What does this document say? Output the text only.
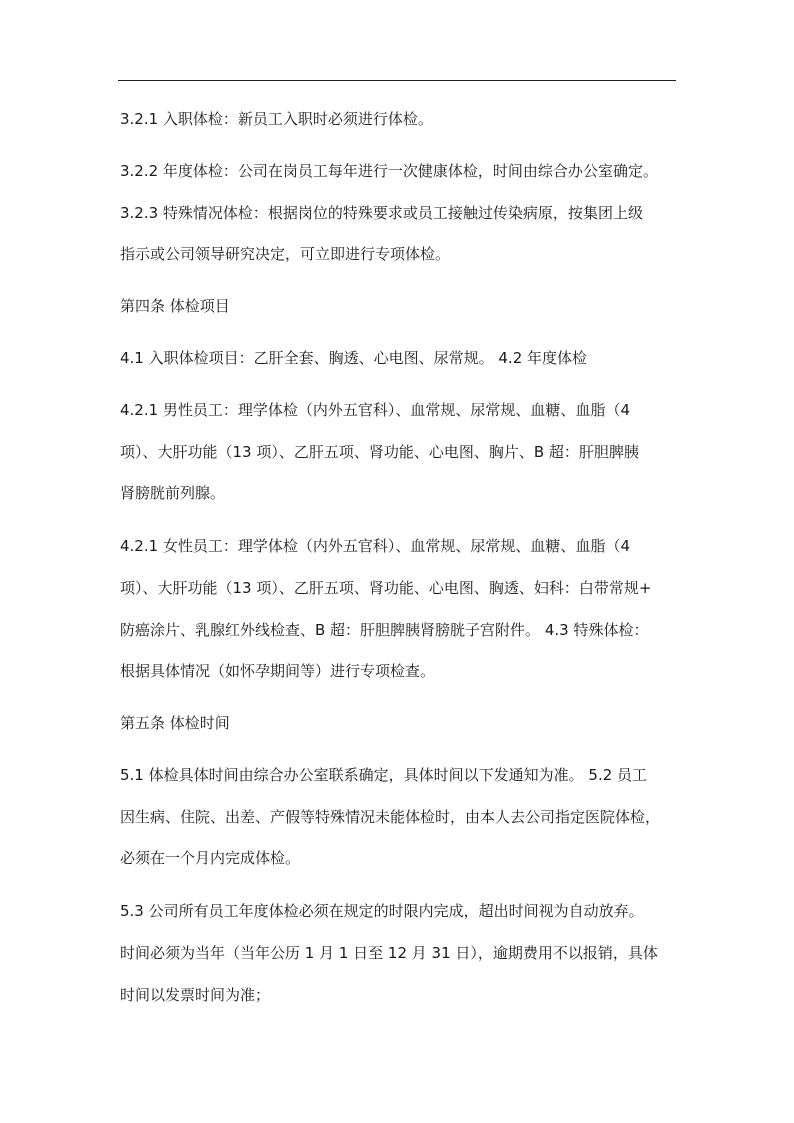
3.2.1 入职体检：新员工入职时必须进行体检。
3.2.2 年度体检：公司在岗员工每年进行一次健康体检，时间由综合办公室确定。
3.2.3 特殊情况体检：根据岗位的特殊要求或员工接触过传染病原，按集团上级
指示或公司领导研究决定，可立即进行专项体检。
第四条 体检项目
4.1 入职体检项目：乙肝全套、胸透、心电图、尿常规。 4.2 年度体检
4.2.1 男性员工：理学体检（内外五官科）、血常规、尿常规、血糖、血脂（4
项）、大肝功能（13 项）、乙肝五项、肾功能、心电图、胸片、B 超：肝胆脾胰
肾膀胱前列腺。
4.2.1 女性员工：理学体检（内外五官科）、血常规、尿常规、血糖、血脂（4
项）、大肝功能（13 项）、乙肝五项、肾功能、心电图、胸透、妇科：白带常规+
防癌涂片、乳腺红外线检查、B 超：肝胆脾胰肾膀胱子宫附件。 4.3 特殊体检：
根据具体情况（如怀孕期间等）进行专项检查。
第五条 体检时间
5.1 体检具体时间由综合办公室联系确定，具体时间以下发通知为准。 5.2 员工
因生病、住院、出差、产假等特殊情况未能体检时，由本人去公司指定医院体检，
必须在一个月内完成体检。
5.3 公司所有员工年度体检必须在规定的时限内完成，超出时间视为自动放弃。
时间必须为当年（当年公历 1 月 1 日至 12 月 31 日），逾期费用不以报销，具体
时间以发票时间为准；
